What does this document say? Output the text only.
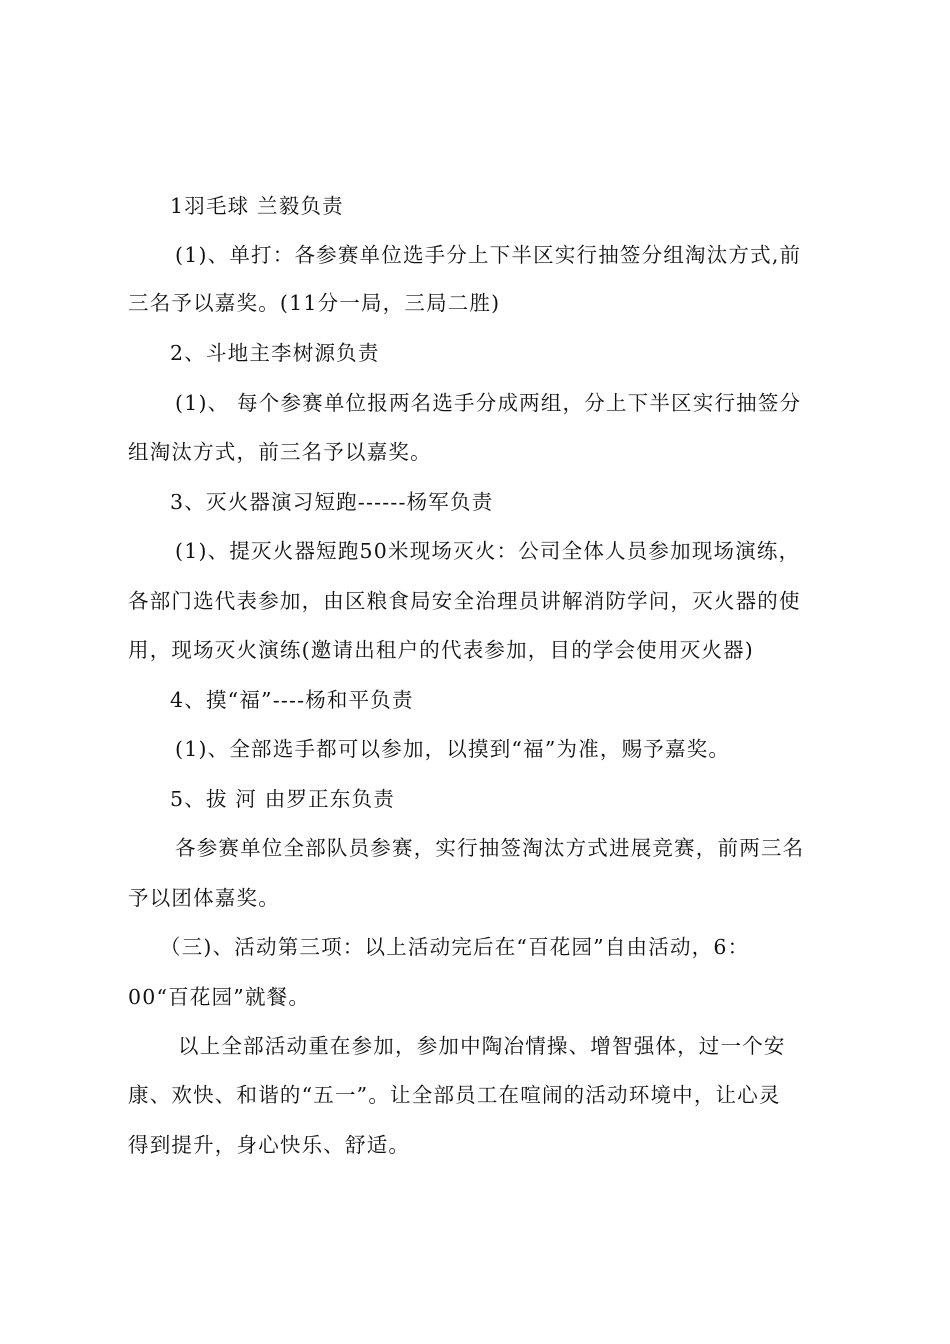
1羽毛球 兰毅负责
(1)、单打：各参赛单位选手分上下半区实行抽签分组淘汰方式,前
三名予以嘉奖。(11分一局，三局二胜)
2、斗地主李树源负责
(1)、 每个参赛单位报两名选手分成两组，分上下半区实行抽签分
组淘汰方式，前三名予以嘉奖。
3、灭火器演习短跑------杨军负责
(1)、提灭火器短跑50米现场灭火：公司全体人员参加现场演练，
各部门选代表参加，由区粮食局安全治理员讲解消防学问，灭火器的使
用，现场灭火演练(邀请出租户的代表参加，目的学会使用灭火器)
4、摸“福”----杨和平负责
(1)、全部选手都可以参加，以摸到“福”为准，赐予嘉奖。
5、拔 河 由罗正东负责
各参赛单位全部队员参赛，实行抽签淘汰方式进展竞赛，前两三名
予以团体嘉奖。
（三)、活动第三项：以上活动完后在“百花园”自由活动，6：
00“百花园”就餐。
以上全部活动重在参加，参加中陶冶情操、增智强体，过一个安
康、欢快、和谐的“五一”。让全部员工在喧闹的活动环境中，让心灵
得到提升，身心快乐、舒适。
